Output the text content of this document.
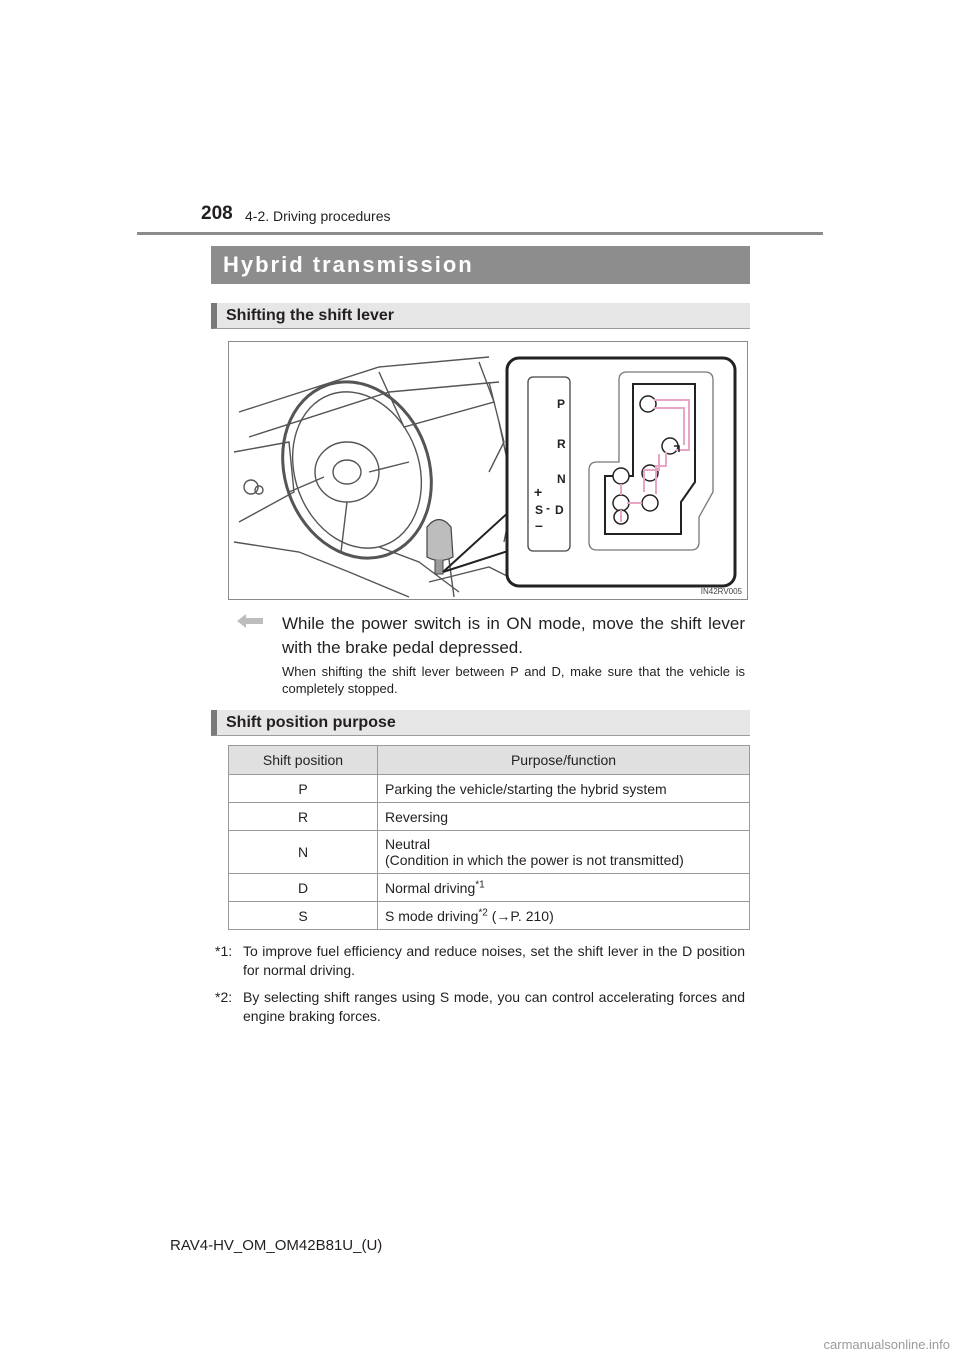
208 4-2. Driving procedures
Hybrid transmission
Shifting the shift lever
P
R
N
D
+
S -
–
IN42RV005
While the power switch is in ON mode, move the shift lever with the brake pedal depressed.
When shifting the shift lever between P and D, make sure that the vehicle is completely stopped.
Shift position purpose
Shift position	Purpose/function
P	Parking the vehicle/starting the hybrid system
R	Reversing
N	Neutral
(Condition in which the power is not transmitted)
D	Normal driving$^{*1}$
S	S mode driving$^{*2}$ (→P. 210)
*1: To improve fuel efficiency and reduce noises, set the shift lever in the D position for normal driving.
*2: By selecting shift ranges using S mode, you can control accelerating forces and engine braking forces.
RAV4-HV_OM_OM42B81U_(U)
carmanualsonline.info
